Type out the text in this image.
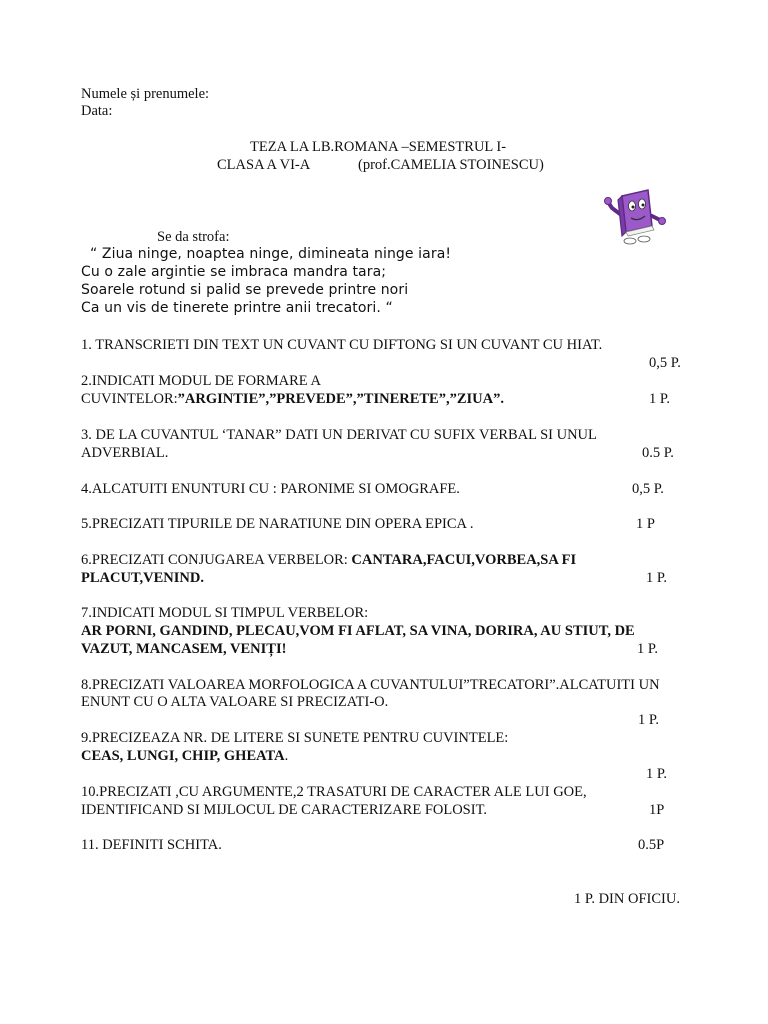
Numele și prenumele:
Data:
TEZA LA LB.ROMANA –SEMESTRUL I-
CLASA A VI-A	(prof.CAMELIA STOINESCU)
Se da strofa:
“ Ziua ninge, noaptea ninge, dimineata ninge iara!
Cu o zale argintie se imbraca mandra tara;
Soarele rotund si palid se prevede printre nori
Ca un vis de tinerete printre anii trecatori. “
1. TRANSCRIETI DIN TEXT UN CUVANT CU DIFTONG SI UN CUVANT CU HIAT.
0,5 P.
2.INDICATI MODUL DE FORMARE A
CUVINTELOR:”ARGINTIE”,”PREVEDE”,”TINERETE”,”ZIUA”.	1 P.
3. DE LA CUVANTUL ‘TANAR” DATI UN DERIVAT CU SUFIX VERBAL SI UNUL
ADVERBIAL.	0.5 P.
4.ALCATUITI ENUNTURI CU : PARONIME SI OMOGRAFE.	0,5 P.
5.PRECIZATI TIPURILE DE NARATIUNE DIN OPERA EPICA .	1 P
6.PRECIZATI CONJUGAREA VERBELOR: CANTARA,FACUI,VORBEA,SA FI
PLACUT,VENIND.	1 P.
7.INDICATI MODUL SI TIMPUL VERBELOR:
AR PORNI, GANDIND, PLECAU,VOM FI AFLAT, SA VINA, DORIRA, AU STIUT, DE
VAZUT, MANCASEM, VENIȚI!	1 P.
8.PRECIZATI VALOAREA MORFOLOGICA A CUVANTULUI”TRECATORI”.ALCATUITI UN
ENUNT CU O ALTA VALOARE SI PRECIZATI-O.
1 P.
9.PRECIZEAZA NR. DE LITERE SI SUNETE PENTRU CUVINTELE:
CEAS, LUNGI, CHIP, GHEATA.
1 P.
10.PRECIZATI ,CU ARGUMENTE,2 TRASATURI DE CARACTER ALE LUI GOE,
IDENTIFICAND SI MIJLOCUL DE CARACTERIZARE FOLOSIT.	1P
11. DEFINITI SCHITA.	0.5P
1 P. DIN OFICIU.
